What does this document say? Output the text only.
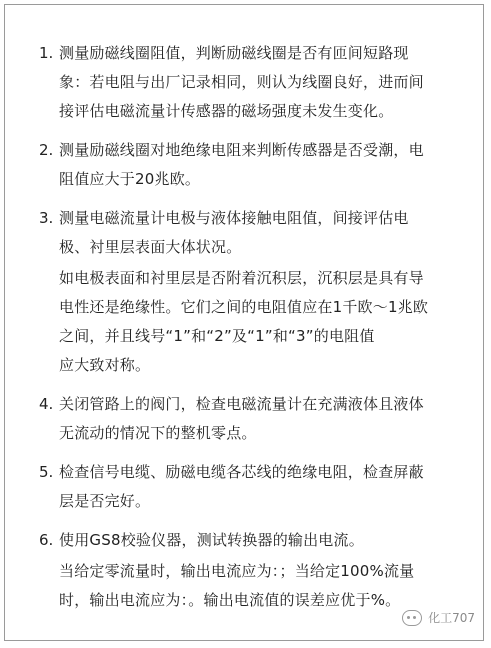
1. 测量励磁线圈阻值，判断励磁线圈是否有匝间短路现
象：若电阻与出厂记录相同，则认为线圈良好，进而间
接评估电磁流量计传感器的磁场强度未发生变化。
2. 测量励磁线圈对地绝缘电阻来判断传感器是否受潮，电
阻值应大于20兆欧。
3. 测量电磁流量计电极与液体接触电阻值，间接评估电
极、衬里层表面大体状况。
如电极表面和衬里层是否附着沉积层，沉积层是具有导
电性还是绝缘性。它们之间的电阻值应在1千欧～1兆欧
之间，并且线号“1”和“2”及“1”和“3”的电阻值
应大致对称。
4. 关闭管路上的阀门，检查电磁流量计在充满液体且液体
无流动的情况下的整机零点。
5. 检查信号电缆、励磁电缆各芯线的绝缘电阻，检查屏蔽
层是否完好。
6. 使用GS8校验仪器，测试转换器的输出电流。
当给定零流量时，输出电流应为：；当给定100%流量
时，输出电流应为：。输出电流值的误差应优于%。
化工707
